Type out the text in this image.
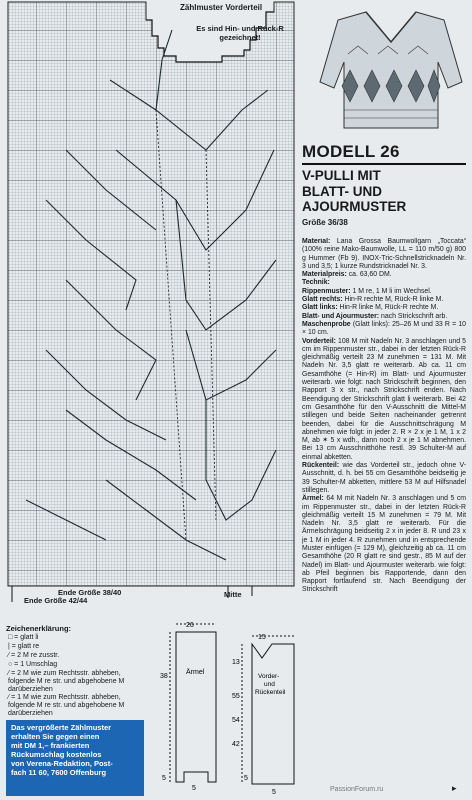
Zählmuster Vorderteil
Es sind Hin- und Rück-R gezeichnet!
Ende Größe 38/40
Ende Größe 42/44
Mitte
MODELL 26
V-PULLI MIT
BLATT- UND
AJOURMUSTER
Größe 36/38

Material: Lana Grossa Baumwollgarn „Toccata“ (100% reine Mako-Baumwolle, LL = 110 m/50 g) 800 g Hummer (Fb 9). INOX-Tric-Schnellstricknadeln Nr. 3 und 3,5; 1 kurze Rundstricknadel Nr. 3.

Materialpreis: ca. 63,60 DM.

Technik:

Rippenmuster: 1 M re, 1 M li im Wechsel.

Glatt rechts: Hin-R rechte M, Rück-R linke M.

Glatt links: Hin-R linke M, Rück-R rechte M.

Blatt- und Ajourmuster: nach Strickschrift arb.

Maschenprobe (Glatt links): 25–26 M und 33 R = 10 × 10 cm.

Vorderteil: 108 M mit Nadeln Nr. 3 anschlagen und 5 cm im Rippenmuster str., dabei in der letzten Rück-R gleichmäßig verteilt 23 M zunehmen = 131 M. Mit Nadeln Nr. 3,5 glatt re weiterarb. Ab ca. 11 cm Gesamthöhe (= Hin-R) im Blatt- und Ajourmuster weiterarb. wie folgt: nach Strickschrift beginnen, den Rapport 3 x str., nach Strickschrift enden. Nach Beendigung der Strickschrift glatt li weiterarb. Bei 42 cm Gesamthöhe für den V-Ausschnitt die Mittel-M stillegen und beide Seiten nacheinander getrennt beenden, dabei für die Ausschnittschrägung M abnehmen wie folgt: in jeder 2. R × 2 x je 1 M, 1 x 2 M, ab ✶ 5 x wdh., dann noch 2 x je 1 M abnehmen. Bei 13 cm Ausschnitthöhe restl. 39 Schulter-M auf einmal abketten.

Rückenteil: wie das Vorderteil str., jedoch ohne V-Ausschnitt, d. h. bei 55 cm Gesamthöhe beidseitig je 39 Schulter-M abketten, mittlere 53 M auf Hilfsnadel stillegen.

Ärmel: 64 M mit Nadeln Nr. 3 anschlagen und 5 cm im Rippenmuster str., dabei in der letzten Rück-R gleichmäßig verteilt 15 M zunehmen = 79 M. Mit Nadeln Nr. 3,5 glatt re weiterarb. Für die Ärmelschrägung beidseitig 2 x in jeder 8. R und 23 x je 1 M in jeder 4. R zunehmen und in entsprechende Muster einfügen (= 129 M), gleichzeitig ab ca. 11 cm Gesamthöhe (20 R glatt re sind gestr., 85 M auf der Nadel) im Blatt- und Ajourmuster weiterarb. wie folgt: ab Pfeil beginnen bis Rapportende, dann den Rapport fortlaufend str. Nach Beendigung der Strickschrift

Zeichenerklärung:
□ = glatt li
| = glatt re
⁄ = 2 M re zusstr.
○ = 1 Umschlag
⁄ = 2 M wie zum Rechtsstr. abheben, folgende M re str. und abgehobene M darüberziehen
⁄ = 1 M wie zum Rechtsstr. abheben, folgende M re str. und abgehobene M darüberziehen
26
15
38
13
55
54
42
5
5
5
5
Ärmel
Vorder-
und
Rückenteil
Das vergrößerte Zählmuster
erhalten Sie gegen einen
mit DM 1,– frankierten
Rückumschlag kostenlos
von Verena-Redaktion, Post-
fach 11 60, 7600 Offenburg
PassionForum.ru	▸
